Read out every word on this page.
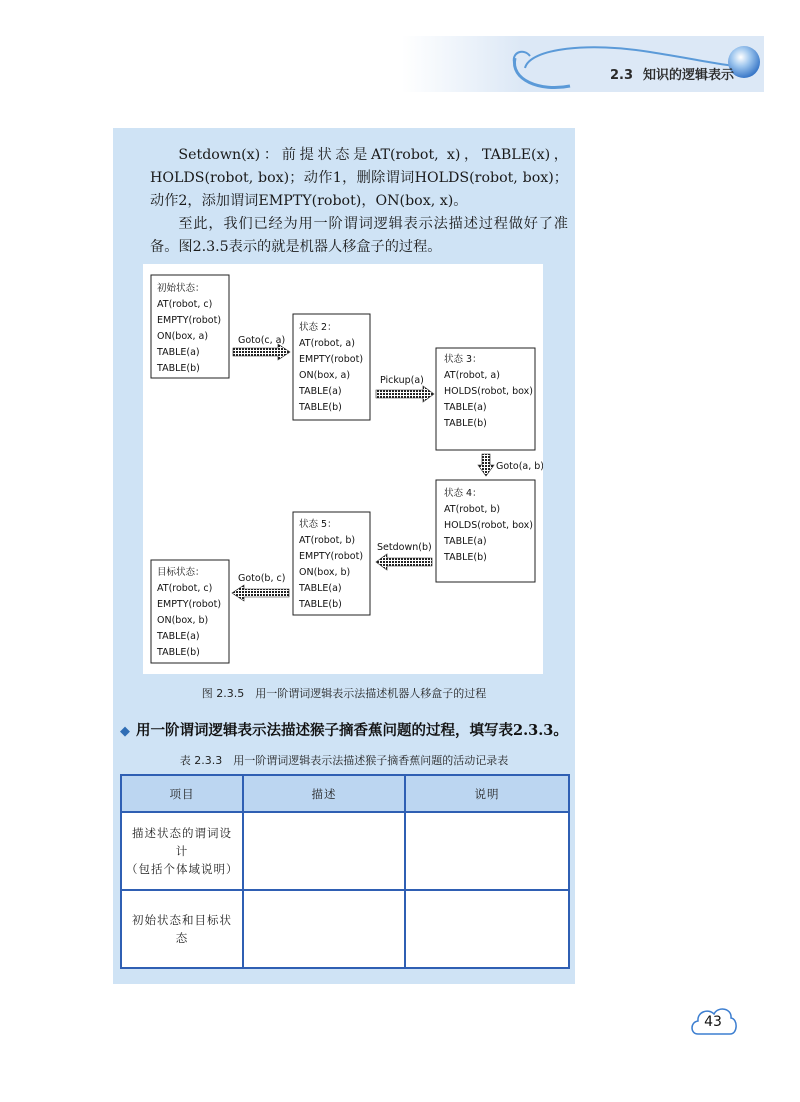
2.3 知识的逻辑表示

Setdown(x)：前提状态是AT(robot, x)，TABLE(x)，HOLDS(robot, box)；动作1，删除谓词HOLDS(robot, box)；动作2，添加谓词EMPTY(robot)，ON(box, x)。

至此，我们已经为用一阶谓词逻辑表示法描述过程做好了准备。图2.3.5表示的就是机器人移盒子的过程。

初始状态： AT(robot, c) EMPTY(robot) ON(box, a) TABLE(a) TABLE(b)
状态 2： AT(robot, a) EMPTY(robot) ON(box, a) TABLE(a) TABLE(b)
状态 3： AT(robot, a) HOLDS(robot, box) TABLE(a) TABLE(b)
状态 4： AT(robot, b) HOLDS(robot, box) TABLE(a) TABLE(b)
状态 5： AT(robot, b) EMPTY(robot) ON(box, b) TABLE(a) TABLE(b)
目标状态： AT(robot, c) EMPTY(robot) ON(box, b) TABLE(a) TABLE(b)
Goto(c, a)
Pickup(a)
Goto(a, b)
Setdown(b)
Goto(b, c)
图 2.3.5　用一阶谓词逻辑表示法描述机器人移盒子的过程
◆ 用一阶谓词逻辑表示法描述猴子摘香蕉问题的过程，填写表2.3.3。
表 2.3.3　用一阶谓词逻辑表示法描述猴子摘香蕉问题的活动记录表
项目	描述	说明

描述状态的谓词设计
（包括个体域说明）		

初始状态和目标状态		
43
